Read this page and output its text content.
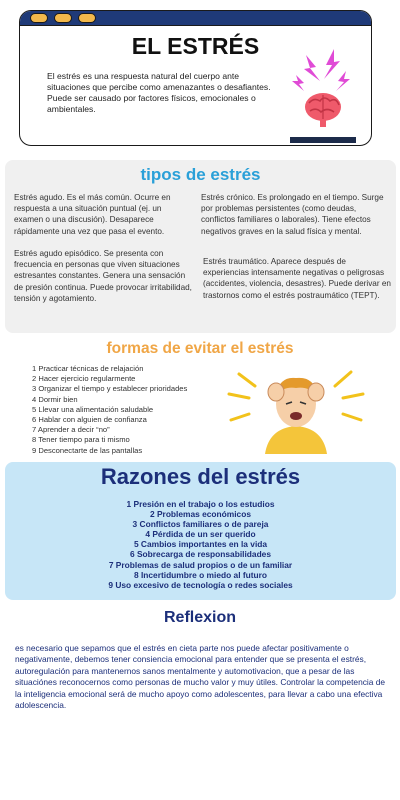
EL ESTRÉS
El estrés es una respuesta natural del cuerpo ante situaciones que percibe como amenazantes o desafiantes. Puede ser causado por factores físicos, emocionales o ambientales.
tipos de estrés
Estrés agudo. Es el más común. Ocurre en respuesta a una situación puntual (ej. un examen o una discusión). Desaparece rápidamente una vez que pasa el evento.
Estrés agudo episódico. Se presenta con frecuencia en personas que viven situaciones estresantes constantes. Genera una sensación de presión continua. Puede provocar irritabilidad, tensión y agotamiento.
Estrés crónico. Es prolongado en el tiempo. Surge por problemas persistentes (como deudas, conflictos familiares o laborales). Tiene efectos negativos graves en la salud física y mental.
Estrés traumático. Aparece después de experiencias intensamente negativas o peligrosas (accidentes, violencia, desastres). Puede derivar en trastornos como el estrés postraumático (TEPT).
formas de evitar el estrés
1 Practicar técnicas de relajación
2 Hacer ejercicio regularmente
3 Organizar el tiempo y establecer prioridades
4 Dormir bien
5 Llevar una alimentación saludable
6 Hablar con alguien de confianza
7 Aprender a decir “no”
8 Tener tiempo para ti mismo
9 Desconectarte de las pantallas
Razones del estrés
1 Presión en el trabajo o los estudios
2 Problemas económicos
3 Conflictos familiares o de pareja
4 Pérdida de un ser querido
5 Cambios importantes en la vida
6 Sobrecarga de responsabilidades
7 Problemas de salud propios o de un familiar
8 Incertidumbre o miedo al futuro
9 Uso excesivo de tecnología o redes sociales
Reflexion
es necesario que sepamos que el estrés en cieta parte nos puede afectar positivamente o negativamente, debemos tener consiencia emocional para entender que se presenta el estrés, autoregulación para mantenernos sanos mentalmente y automotivacion, que a pesar de las situaciónes reconocernos como personas de mucho valor y muy útiles. Controlar la competencia de la inteligencia emocional será de mucho apoyo como adolescentes, para llevar a cabo una efectiva adolescencia.
